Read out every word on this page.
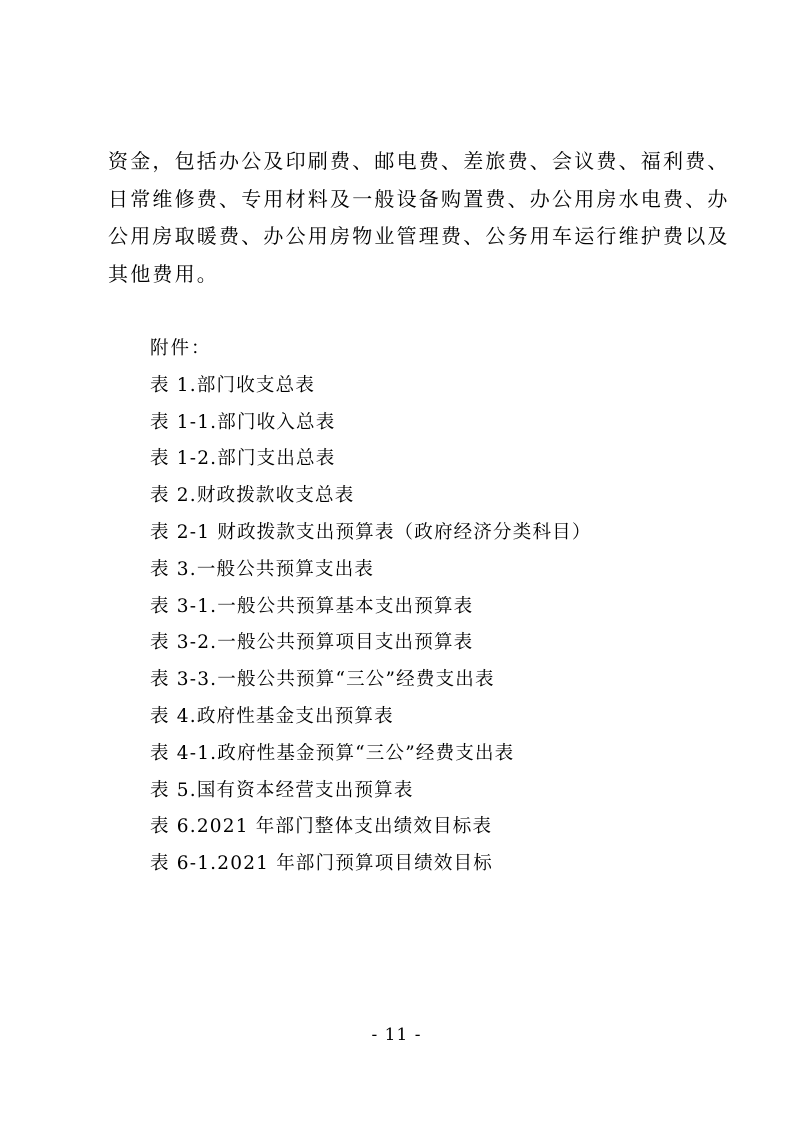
资金，包括办公及印刷费、邮电费、差旅费、会议费、福利费、
日常维修费、专用材料及一般设备购置费、办公用房水电费、办
公用房取暖费、办公用房物业管理费、公务用车运行维护费以及
其他费用。
附件：
表 1.部门收支总表
表 1-1.部门收入总表
表 1-2.部门支出总表
表 2.财政拨款收支总表
表 2-1 财政拨款支出预算表（政府经济分类科目）
表 3.一般公共预算支出表
表 3-1.一般公共预算基本支出预算表
表 3-2.一般公共预算项目支出预算表
表 3-3.一般公共预算“三公”经费支出表
表 4.政府性基金支出预算表
表 4-1.政府性基金预算“三公”经费支出表
表 5.国有资本经营支出预算表
表 6.2021 年部门整体支出绩效目标表
表 6-1.2021 年部门预算项目绩效目标
- 11 -
